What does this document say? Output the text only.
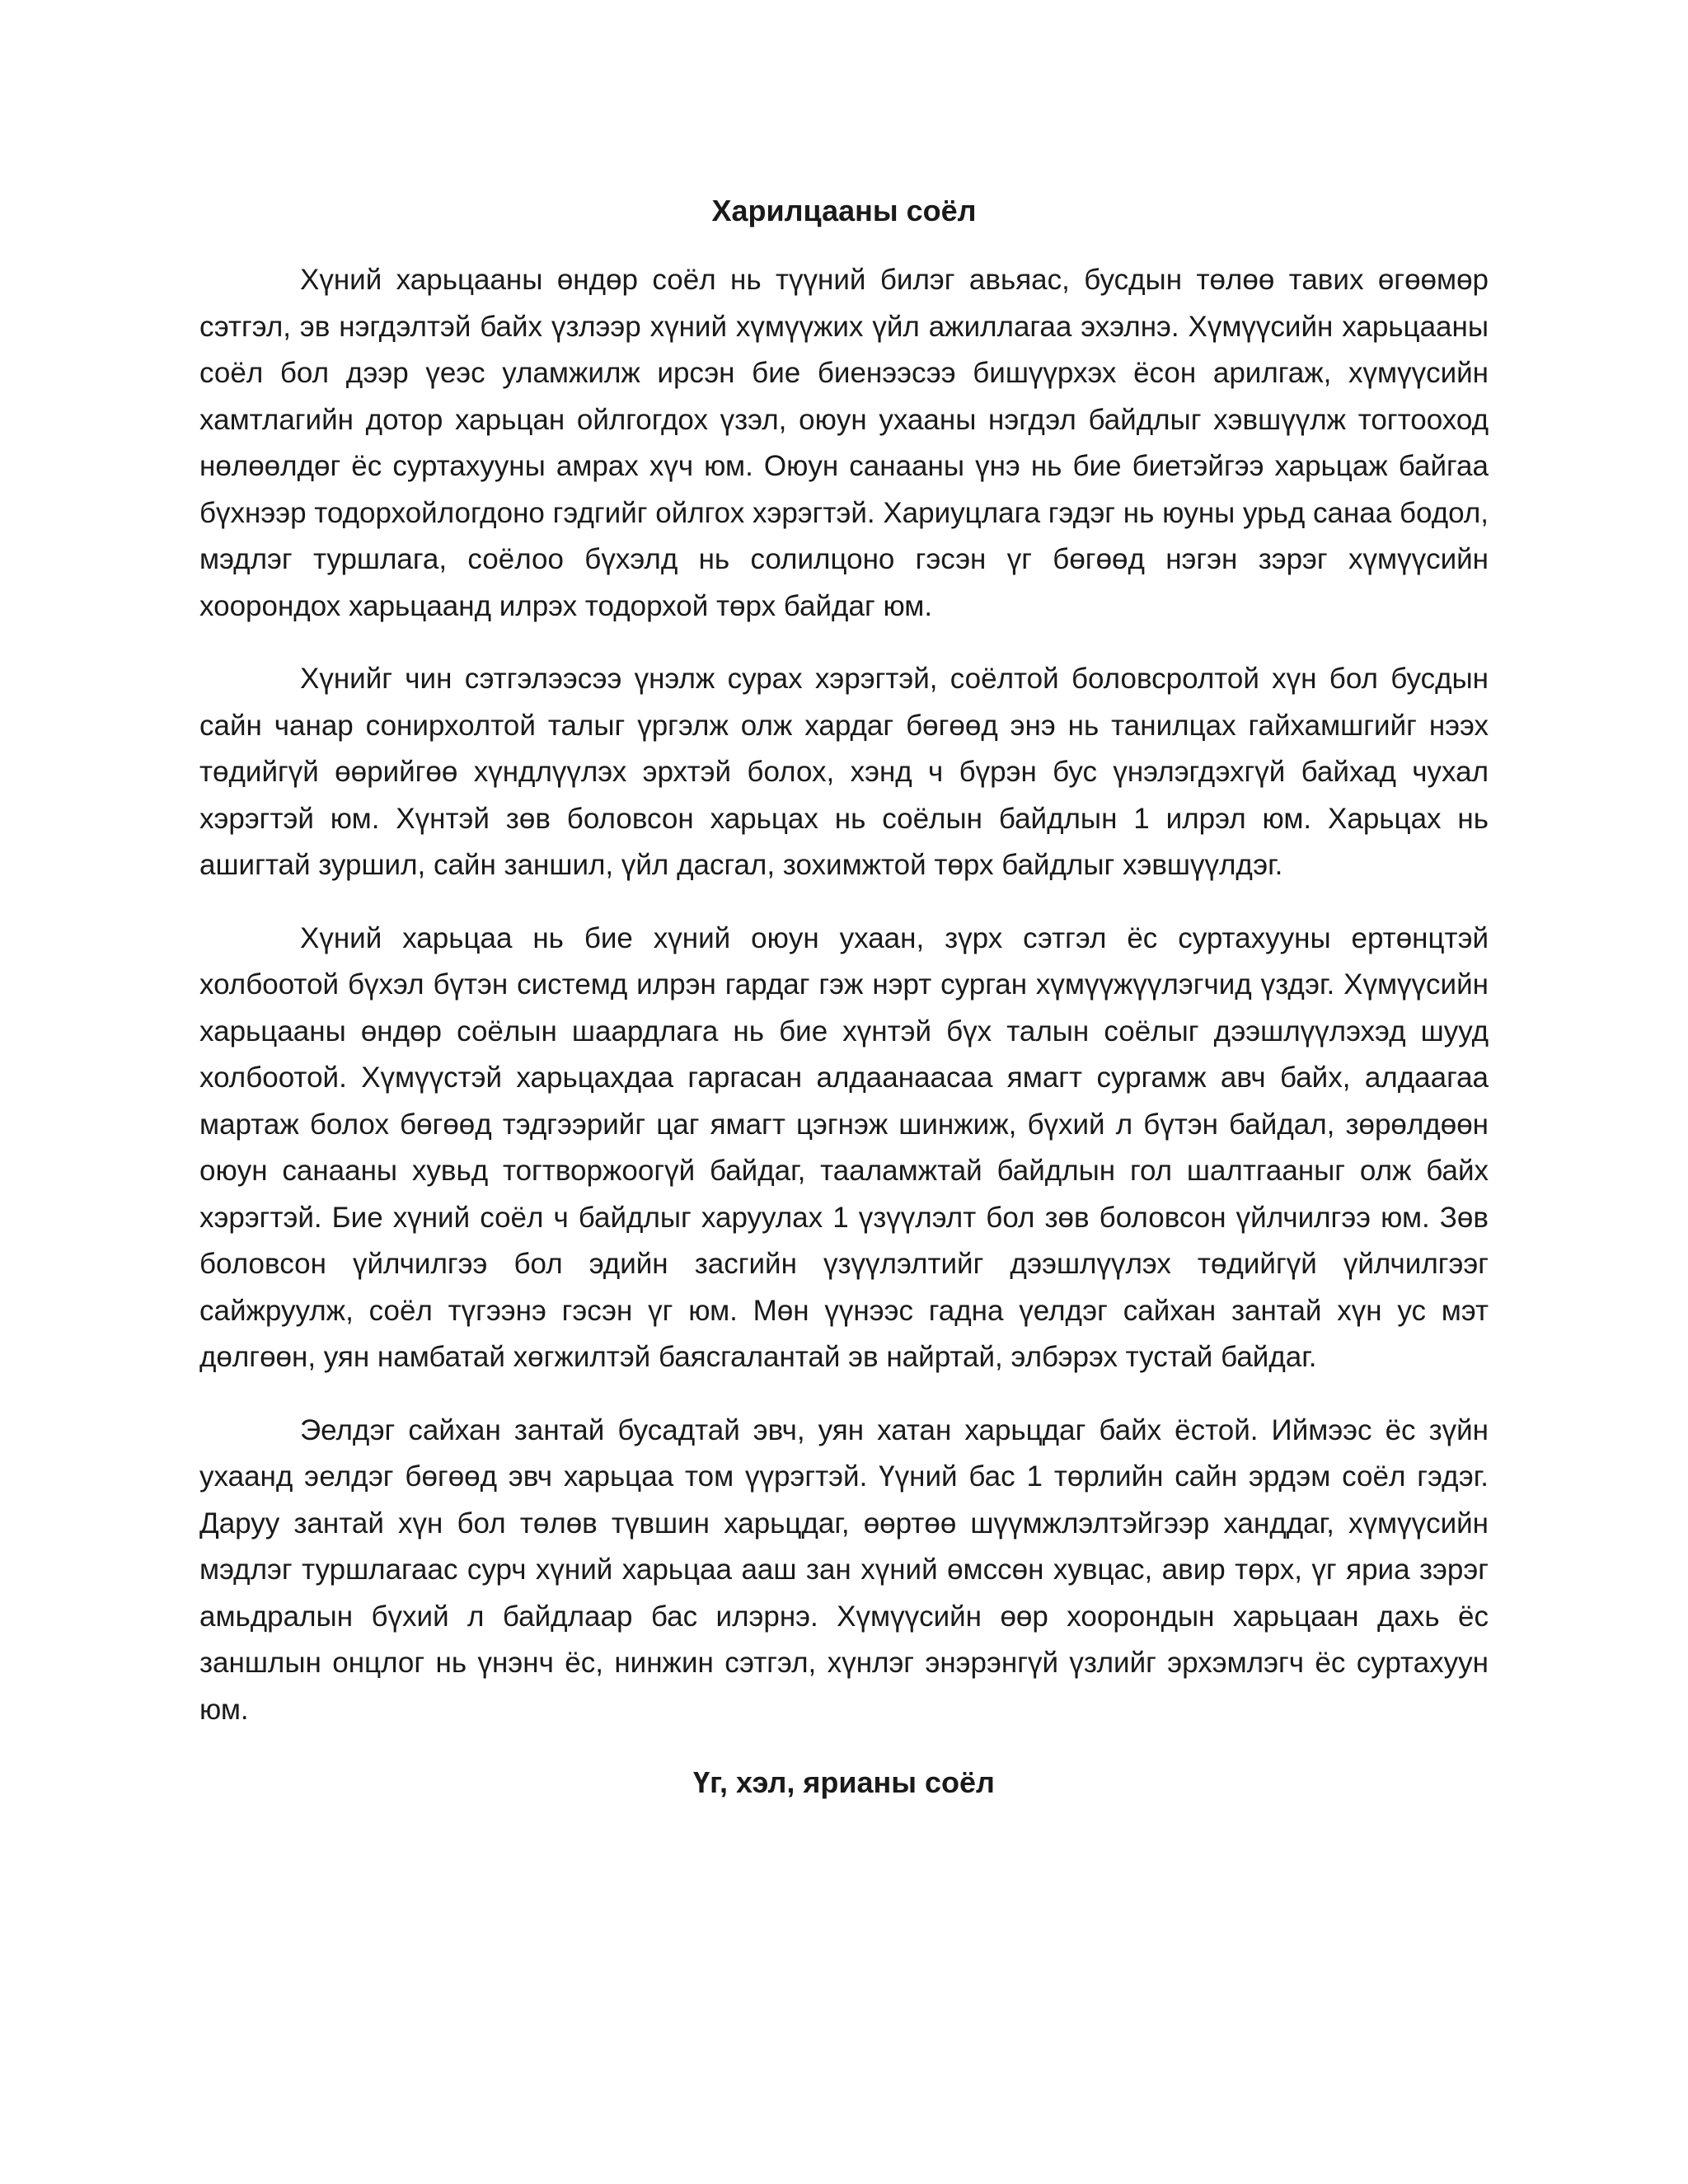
Харилцааны соёл

Хүний харьцааны өндөр соёл нь түүний билэг авьяас, бусдын төлөө тавих өгөөмөр сэтгэл, эв нэгдэлтэй байх үзлээр хүний хүмүүжих үйл ажиллагаа эхэлнэ. Хүмүүсийн харьцааны соёл бол дээр үеэс уламжилж ирсэн бие биенээсээ бишүүрхэх ёсон арилгаж, хүмүүсийн хамтлагийн дотор харьцан ойлгогдох үзэл, оюун ухааны нэгдэл байдлыг хэвшүүлж тогтооход нөлөөлдөг ёс суртахууны амрах хүч юм. Оюун санааны үнэ нь бие биетэйгээ харьцаж байгаа бүхнээр тодорхойлогдоно гэдгийг ойлгох хэрэгтэй. Хариуцлага гэдэг нь юуны урьд санаа бодол, мэдлэг туршлага, соёлоо бүхэлд нь солилцоно гэсэн үг бөгөөд нэгэн зэрэг хүмүүсийн хоорондох харьцаанд илрэх тодорхой төрх байдаг юм.

Хүнийг чин сэтгэлээсээ үнэлж сурах хэрэгтэй, соёлтой боловсролтой хүн бол бусдын сайн чанар сонирхолтой талыг үргэлж олж хардаг бөгөөд энэ нь танилцах гайхамшгийг нээх төдийгүй өөрийгөө хүндлүүлэх эрхтэй болох, хэнд ч бүрэн бус үнэлэгдэхгүй байхад чухал хэрэгтэй юм. Хүнтэй зөв боловсон харьцах нь соёлын байдлын 1 илрэл юм. Харьцах нь ашигтай зуршил, сайн заншил, үйл дасгал, зохимжтой төрх байдлыг хэвшүүлдэг.

Хүний харьцаа нь бие хүний оюун ухаан, зүрх сэтгэл ёс суртахууны ертөнцтэй холбоотой бүхэл бүтэн системд илрэн гардаг гэж нэрт сурган хүмүүжүүлэгчид үздэг. Хүмүүсийн харьцааны өндөр соёлын шаардлага нь бие хүнтэй бүх талын соёлыг дээшлүүлэхэд шууд холбоотой. Хүмүүстэй харьцахдаа гаргасан алдаанаасаа ямагт сургамж авч байх, алдаагаа мартаж болох бөгөөд тэдгээрийг цаг ямагт цэгнэж шинжиж, бүхий л бүтэн байдал, зөрөлдөөн оюун санааны хувьд тогтворжоогүй байдаг, тааламжтай байдлын гол шалтгааныг олж байх хэрэгтэй. Бие хүний соёл ч байдлыг харуулах 1 үзүүлэлт бол зөв боловсон үйлчилгээ юм. Зөв боловсон үйлчилгээ бол эдийн засгийн үзүүлэлтийг дээшлүүлэх төдийгүй үйлчилгээг сайжруулж, соёл түгээнэ гэсэн үг юм. Мөн үүнээс гадна үелдэг сайхан зантай хүн ус мэт дөлгөөн, уян намбатай хөгжилтэй баясгалантай эв найртай, элбэрэх тустай байдаг.

Эелдэг сайхан зантай бусадтай эвч, уян хатан харьцдаг байх ёстой. Иймээс ёс зүйн ухаанд эелдэг бөгөөд эвч харьцаа том үүрэгтэй. Үүний бас 1 төрлийн сайн эрдэм соёл гэдэг. Даруу зантай хүн бол төлөв түвшин харьцдаг, өөртөө шүүмжлэлтэйгээр ханддаг, хүмүүсийн мэдлэг туршлагаас сурч хүний харьцаа ааш зан хүний өмссөн хувцас, авир төрх, үг яриа зэрэг амьдралын бүхий л байдлаар бас илэрнэ. Хүмүүсийн өөр хоорондын харьцаан дахь ёс заншлын онцлог нь үнэнч ёс, нинжин сэтгэл, хүнлэг энэрэнгүй үзлийг эрхэмлэгч ёс суртахуун юм.

Үг, хэл, ярианы соёл
